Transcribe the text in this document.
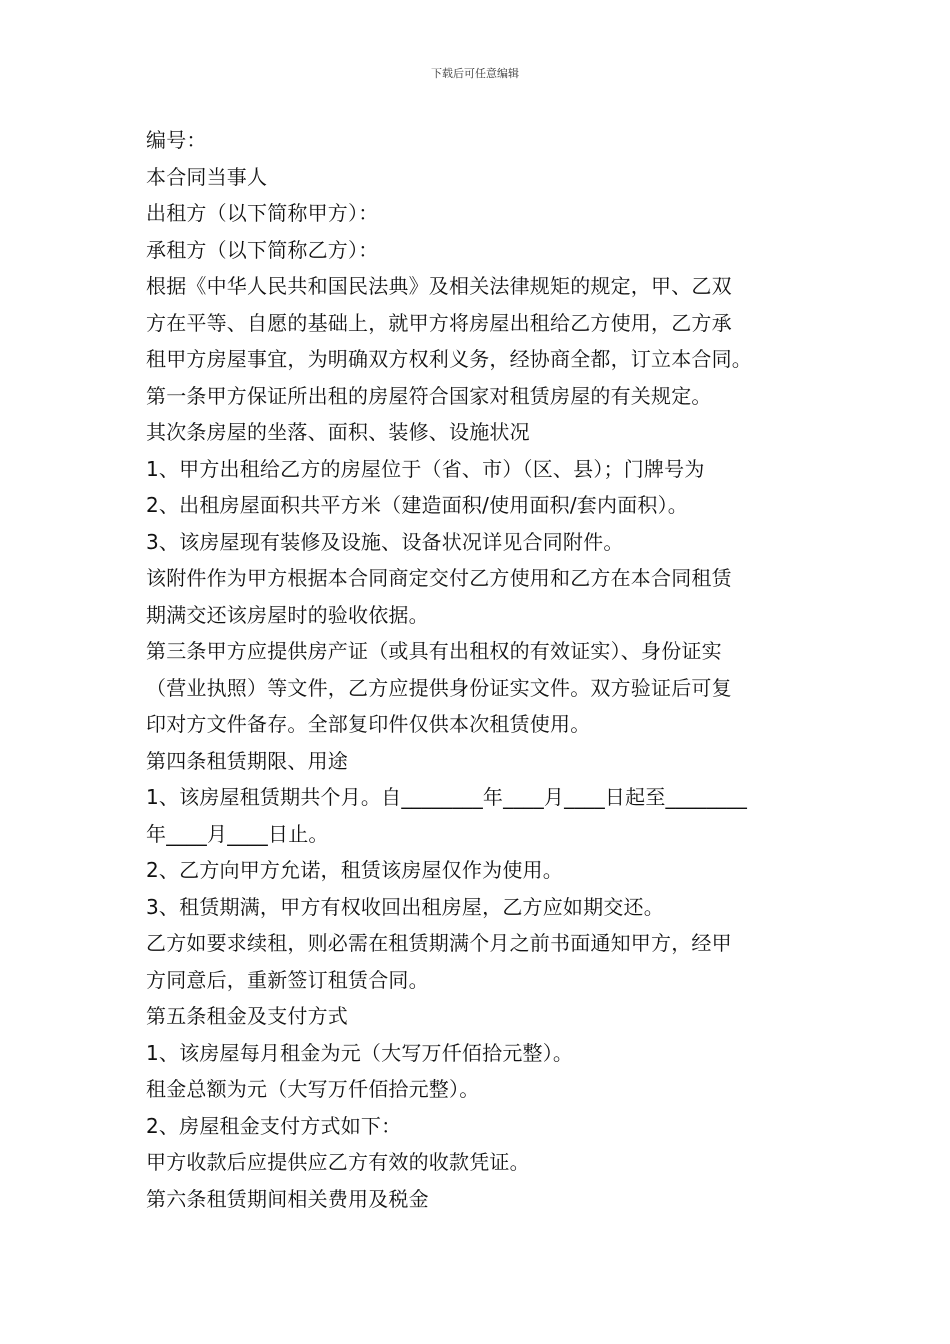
下载后可任意编辑
编号：
本合同当事人
出租方（以下简称甲方）：
承租方（以下简称乙方）：
根据《中华人民共和国民法典》及相关法律规矩的规定，甲、乙双
方在平等、自愿的基础上，就甲方将房屋出租给乙方使用，乙方承
租甲方房屋事宜，为明确双方权利义务，经协商全都，订立本合同。
第一条甲方保证所出租的房屋符合国家对租赁房屋的有关规定。
其次条房屋的坐落、面积、装修、设施状况
1、甲方出租给乙方的房屋位于（省、市）（区、县）；门牌号为
2、出租房屋面积共平方米（建造面积/使用面积/套内面积）。
3、该房屋现有装修及设施、设备状况详见合同附件。
该附件作为甲方根据本合同商定交付乙方使用和乙方在本合同租赁
期满交还该房屋时的验收依据。
第三条甲方应提供房产证（或具有出租权的有效证实）、身份证实
（营业执照）等文件，乙方应提供身份证实文件。双方验证后可复
印对方文件备存。全部复印件仅供本次租赁使用。
第四条租赁期限、用途
1、该房屋租赁期共个月。自________年____月____日起至________
年____月____日止。
2、乙方向甲方允诺，租赁该房屋仅作为使用。
3、租赁期满，甲方有权收回出租房屋，乙方应如期交还。
乙方如要求续租，则必需在租赁期满个月之前书面通知甲方，经甲
方同意后，重新签订租赁合同。
第五条租金及支付方式
1、该房屋每月租金为元（大写万仟佰拾元整）。
租金总额为元（大写万仟佰拾元整）。
2、房屋租金支付方式如下：
甲方收款后应提供应乙方有效的收款凭证。
第六条租赁期间相关费用及税金
